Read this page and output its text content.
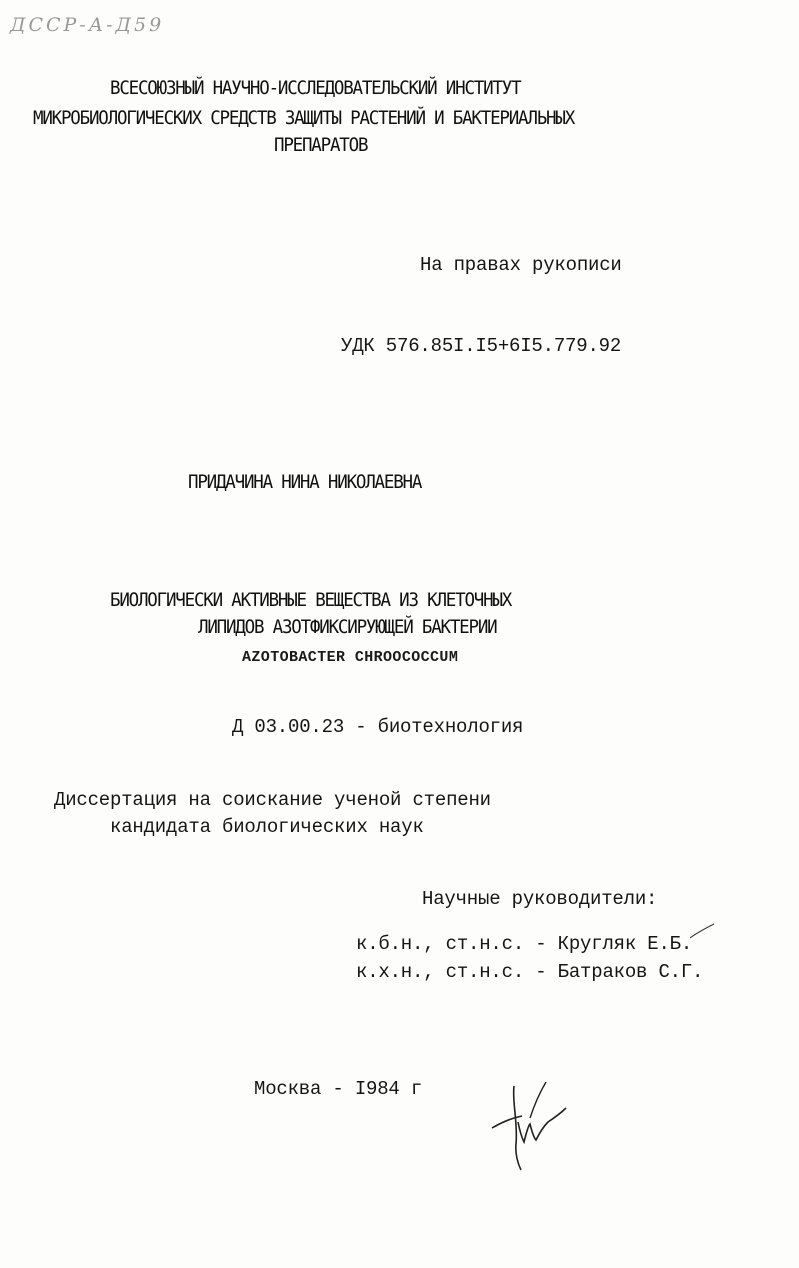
ДССР-А-Д59

ВСЕСОЮЗНЫЙ НАУЧНО-ИССЛЕДОВАТЕЛЬСКИЙ ИНСТИТУТ

МИКРОБИОЛОГИЧЕСКИХ СРЕДСТВ ЗАЩИТЫ РАСТЕНИЙ И БАКТЕРИАЛЬНЫХ

ПРЕПАРАТОВ

На правах рукописи

УДК 576.85I.I5+6I5.779.92

ПРИДАЧИНА НИНА НИКОЛАЕВНА

БИОЛОГИЧЕСКИ АКТИВНЫЕ ВЕЩЕСТВА ИЗ КЛЕТОЧНЫХ

ЛИПИДОВ АЗОТФИКСИРУЮЩЕЙ БАКТЕРИИ

AZOTOBACTER CHROOCOCCUM

Д 03.00.23 - биотехнология

Диссертация на соискание ученой степени

кандидата биологических наук

Научные руководители:

к.б.н., ст.н.с. - Кругляк Е.Б.

к.х.н., ст.н.с. - Батраков С.Г.

Москва - I984 г
